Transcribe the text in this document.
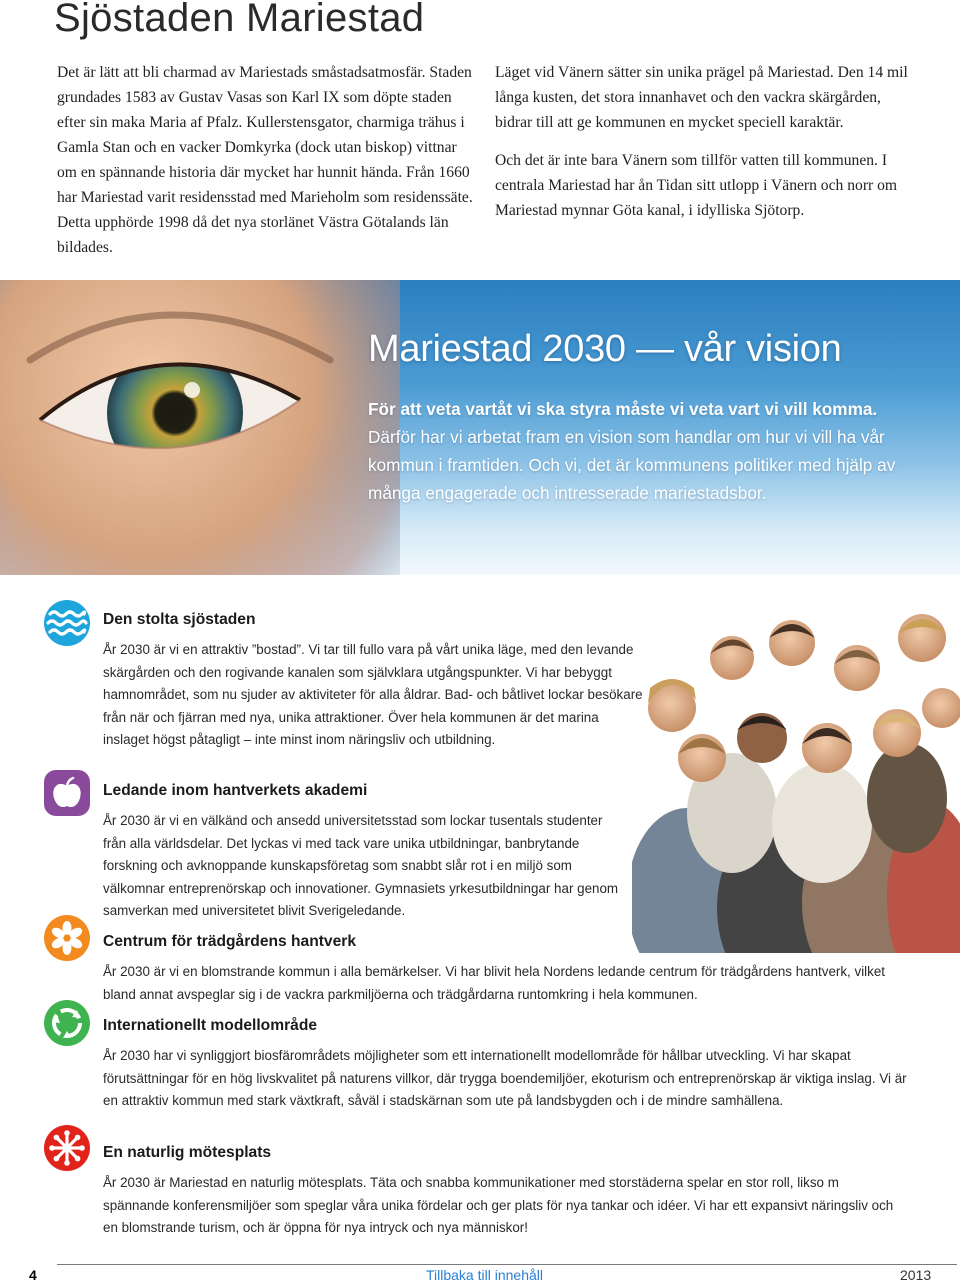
Sjöstaden Mariestad

Det är lätt att bli charmad av Mariestads småstadsatmosfär. Staden grundades 1583 av Gustav Vasas son Karl IX som döpte staden efter sin maka Maria af Pfalz. Kullerstensgator, charmiga trähus i Gamla Stan och en vacker Domkyrka (dock utan biskop) vittnar om en spännande historia där mycket har hunnit hända. Från 1660 har Mariestad varit residensstad med Marieholm som residenssäte. Detta upphörde 1998 då det nya storlänet Västra Götalands län bildades.

Läget vid Vänern sätter sin unika prägel på Mariestad. Den 14 mil långa kusten, det stora innanhavet och den vackra skärgården, bidrar till att ge kommunen en mycket speciell karaktär.

Och det är inte bara Vänern som tillför vatten till kommunen. I centrala Mariestad har ån Tidan sitt utlopp i Vänern och norr om Mariestad mynnar Göta kanal, i idylliska Sjötorp.

Mariestad 2030 — vår vision
För att veta vartåt vi ska styra måste vi veta vart vi vill komma. Därför har vi arbetat fram en vision som handlar om hur vi vill ha vår kommun i framtiden. Och vi, det är kommunens politiker med hjälp av många engagerade och intresserade mariestadsbor.
Den stolta sjöstaden

År 2030 är vi en attraktiv ”bostad”. Vi tar till fullo vara på vårt unika läge, med den levande skärgården och den rogivande kanalen som självklara utgångspunkter. Vi har bebyggt hamnområdet, som nu sjuder av aktiviteter för alla åldrar. Bad- och båtlivet lockar besökare från när och fjärran med nya, unika attraktioner. Över hela kommunen är det marina inslaget högst påtagligt – inte minst inom näringsliv och utbildning.

Ledande inom hantverkets akademi

År 2030 är vi en välkänd och ansedd universitetsstad som lockar tusentals studenter från alla världsdelar. Det lyckas vi med tack vare unika utbildningar, banbrytande forskning och avknoppande kunskapsföretag som snabbt slår rot i en miljö som välkomnar entreprenörskap och innovationer. Gymnasiets yrkesutbildningar har genom samverkan med universitetet blivit Sverigeledande.

Centrum för trädgårdens hantverk

År 2030 är vi en blomstrande kommun i alla bemärkelser. Vi har blivit hela Nordens ledande centrum för trädgårdens hantverk, vilket bland annat avspeglar sig i de vackra parkmiljöerna och trädgårdarna runtomkring i hela kommunen.

Internationellt modellområde

År 2030 har vi synliggjort biosfärområdets möjligheter som ett internationellt modellområde för hållbar utveckling. Vi har skapat förutsättningar för en hög livskvalitet på naturens villkor, där trygga boendemiljöer, ekoturism och entreprenörskap är viktiga inslag. Vi är en attraktiv kommun med stark växtkraft, såväl i stadskärnan som ute på landsbygden och i de mindre samhällena.

En naturlig mötesplats

År 2030 är Mariestad en naturlig mötesplats. Täta och snabba kommunikationer med storstäderna spelar en stor roll, likso m spännande konferensmiljöer som speglar våra unika fördelar och ger plats för nya tankar och idéer. Vi har ett expansivt näringsliv och en blomstrande turism, och är öppna för nya intryck och nya människor!

4	Tillbaka till innehåll	2013
